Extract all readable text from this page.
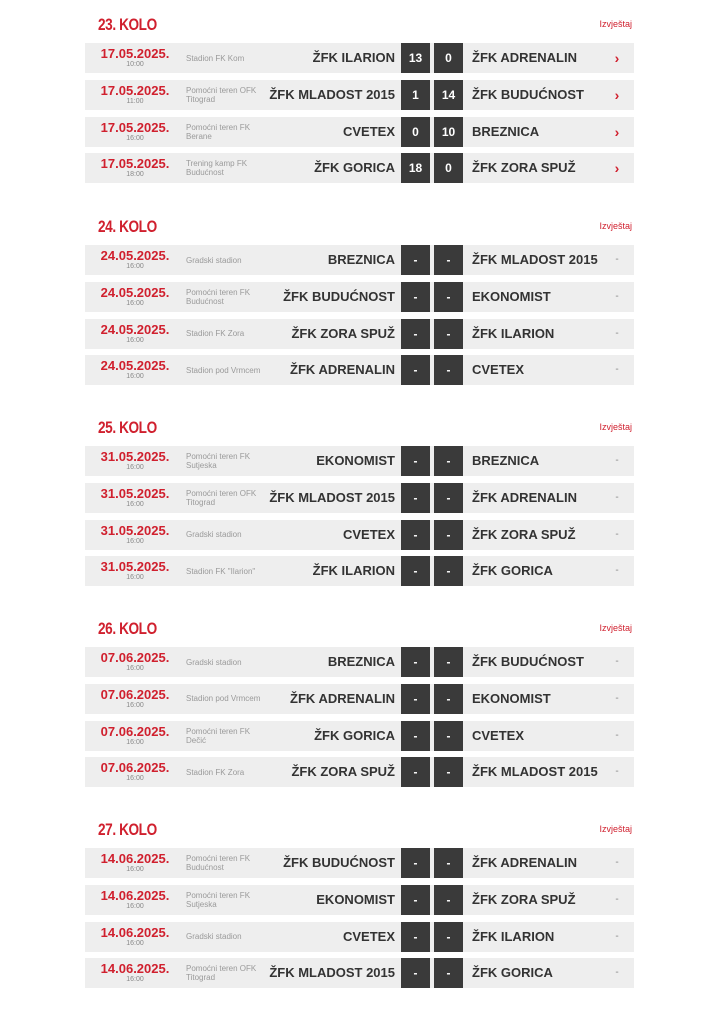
23. KOLO	Izvještaj
17.05.2025.
10:00
Stadion FK Kom	ŽFK ILARION	13	0	ŽFK ADRENALIN	›
17.05.2025.
11:00
Pomoćni teren OFK Titograd	ŽFK MLADOST 2015	1	14	ŽFK BUDUĆNOST	›
17.05.2025.
16:00
Pomoćni teren FK Berane	CVETEX	0	10	BREZNICA	›
17.05.2025.
18:00
Trening kamp FK Budućnost	ŽFK GORICA	18	0	ŽFK ZORA SPUŽ	›
24. KOLO	Izvještaj
24.05.2025.
16:00
Gradski stadion	BREZNICA	-	-	ŽFK MLADOST 2015	-
24.05.2025.
16:00
Pomoćni teren FK Budućnost	ŽFK BUDUĆNOST	-	-	EKONOMIST	-
24.05.2025.
16:00
Stadion FK Zora	ŽFK ZORA SPUŽ	-	-	ŽFK ILARION	-
24.05.2025.
16:00
Stadion pod Vrmcem ŽFK ADRENALIN	-	-	CVETEX	-
25. KOLO	Izvještaj
31.05.2025.
16:00
Pomoćni teren FK Sutjeska	EKONOMIST	-	-	BREZNICA	-
31.05.2025.
16:00
Pomoćni teren OFK Titograd	ŽFK MLADOST 2015	-	-	ŽFK ADRENALIN	-
31.05.2025.
16:00
Gradski stadion	CVETEX	-	-	ŽFK ZORA SPUŽ	-
31.05.2025.
16:00
Stadion FK "Ilarion"	ŽFK ILARION	-	-	ŽFK GORICA	-
26. KOLO	Izvještaj
07.06.2025.
16:00
Gradski stadion	BREZNICA	-	-	ŽFK BUDUĆNOST	-
07.06.2025.
16:00
Stadion pod Vrmcem ŽFK ADRENALIN	-	-	EKONOMIST	-
07.06.2025.
16:00
Pomoćni teren FK Dečić	ŽFK GORICA	-	-	CVETEX	-
07.06.2025.
16:00
Stadion FK Zora	ŽFK ZORA SPUŽ	-	-	ŽFK MLADOST 2015	-
27. KOLO	Izvještaj
14.06.2025.
16:00
Pomoćni teren FK Budućnost	ŽFK BUDUĆNOST	-	-	ŽFK ADRENALIN	-
14.06.2025.
16:00
Pomoćni teren FK Sutjeska	EKONOMIST	-	-	ŽFK ZORA SPUŽ	-
14.06.2025.
16:00
Gradski stadion	CVETEX	-	-	ŽFK ILARION	-
14.06.2025.
16:00
Pomoćni teren OFK Titograd	ŽFK MLADOST 2015	-	-	ŽFK GORICA	-
